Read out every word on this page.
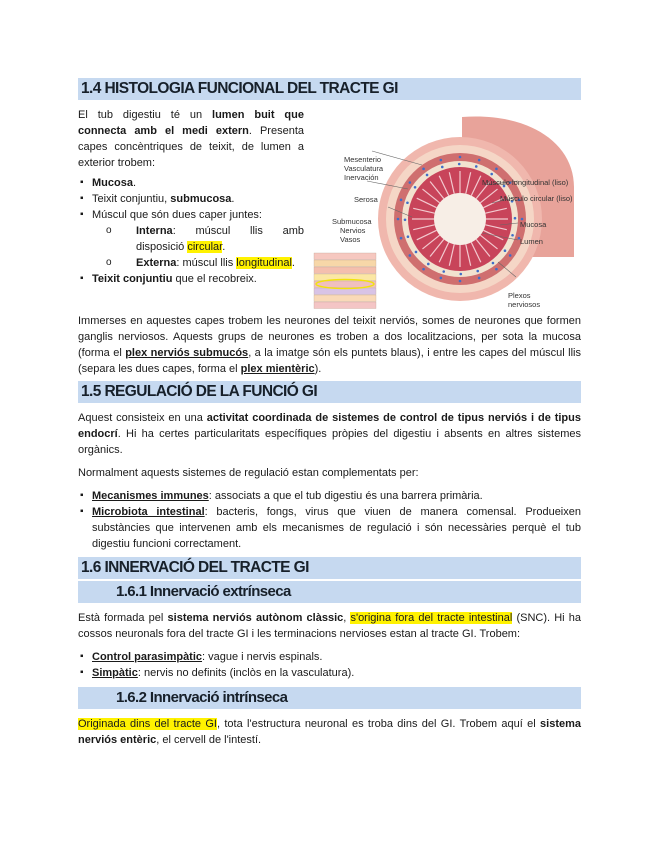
1.4 HISTOLOGIA FUNCIONAL DEL TRACTE GI

El tub digestiu té un lumen buit que connecta amb el medi extern. Presenta capes concèntriques de teixit, de lumen a exterior trobem:

▪ Mucosa.
▪ Teixit conjuntiu, submucosa.
▪ Múscul que són dues caper juntes:
o Interna: múscul llis amb disposició circular.
o Externa: múscul llis longitudinal.
▪ Teixit conjuntiu que el recobreix.
Mesenterio
Vasculatura
Inervación
Serosa
Submucosa
Nervios
Vasos
Músculo longitudinal (liso)
Músculo circular (liso)
Mucosa
Lumen
Plexos
nerviosos

Immerses en aquestes capes trobem les neurones del teixit nerviós, somes de neurones que formen ganglis nerviosos. Aquests grups de neurones es troben a dos localitzacions, per sota la mucosa (forma el plex nerviós submucós, a la imatge són els puntets blaus), i entre les capes del múscul llis (separa les dues capes, forma el plex mientèric).

1.5 REGULACIÓ DE LA FUNCIÓ GI

Aquest consisteix en una activitat coordinada de sistemes de control de tipus nerviós i de tipus endocrí. Hi ha certes particularitats específiques pròpies del digestiu i absents en altres sistemes orgànics.

Normalment aquests sistemes de regulació estan complementats per:

▪ Mecanismes immunes: associats a que el tub digestiu és una barrera primària.
▪ Microbiota intestinal: bacteris, fongs, virus que viuen de manera comensal. Produeixen substàncies que intervenen amb els mecanismes de regulació i són necessàries perquè el tub digestiu funcioni correctament.
1.6 INNERVACIÓ DEL TRACTE GI
1.6.1 Innervació extrínseca

Està formada pel sistema nerviós autònom clàssic, s'origina fora del tracte intestinal (SNC). Hi ha cossos neuronals fora del tracte GI i les terminacions nervioses estan al tracte GI. Trobem:

▪ Control parasimpàtic: vague i nervis espinals.
▪ Simpàtic: nervis no definits (inclòs en la vasculatura).
1.6.2 Innervació intrínseca

Originada dins del tracte GI, tota l'estructura neuronal es troba dins del GI. Trobem aquí el sistema nerviós entèric, el cervell de l'intestí.
